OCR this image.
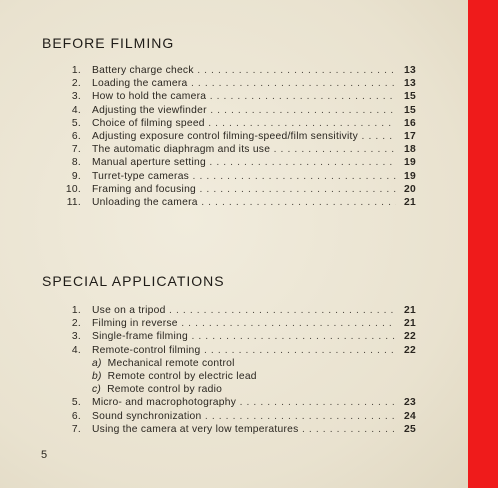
BEFORE FILMING
1. Battery charge check . . .	13
2. Loading the camera . . .	13
3. How to hold the camera . . .	15
4. Adjusting the viewfinder . . .	15
5. Choice of filming speed . . .	16
6. Adjusting exposure control filming-speed/film sensitivity . . .	17
7. The automatic diaphragm and its use . . .	18
8. Manual aperture setting . . .	19
9. Turret-type cameras . . .	19
10. Framing and focusing . . .	20
11. Unloading the camera . . .	21
SPECIAL APPLICATIONS
1. Use on a tripod . . .	21
2. Filming in reverse . . .	21
3. Single-frame filming . . .	22
4. Remote-control filming . . .	22
a) Mechanical remote control
b) Remote control by electric lead
c) Remote control by radio
5. Micro- and macrophotography . . .	23
6. Sound synchronization . . .	24
7. Using the camera at very low temperatures . . .	25

5
